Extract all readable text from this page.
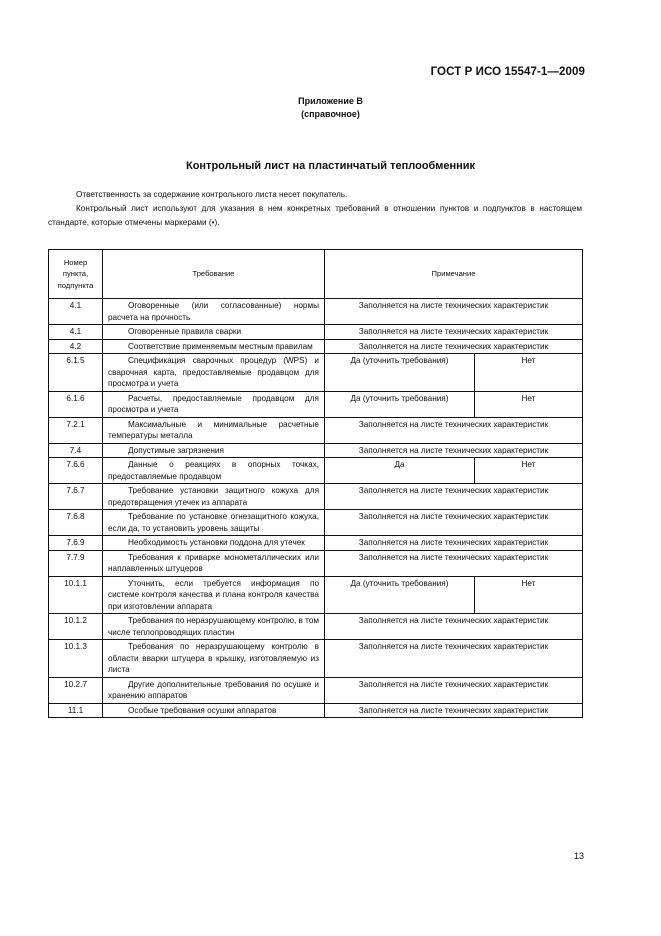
ГОСТ Р ИСО 15547-1—2009
Приложение В
(справочное)
Контрольный лист на пластинчатый теплообменник
Ответственность за содержание контрольного листа несет покупатель.
Контрольный лист используют для указания в нем конкретных требований в отношении пунктов и подпунктов в настоящем стандарте, которые отмечены маркерами (•).
Номер пункта, подпункта	Требование	Примечание	
4.1	Оговоренные (или согласованные) нормы расчета на прочность	Заполняется на листе технических характеристик	
4.1	Оговоренные правила сварки	Заполняется на листе технических характеристик	
4.2	Соответствие применяемым местным правилам	Заполняется на листе технических характеристик	
6.1.5	Спецификация сварочных процедур (WPS) и сварочная карта, предоставляемые продавцом для просмотра и учета	Да (уточнить требования)	Нет
6.1.6	Расчеты, предоставляемые продавцом для просмотра и учета	Да (уточнить требования)	Нет
7.2.1	Максимальные и минимальные расчетные температуры металла	Заполняется на листе технических характеристик	
7.4	Допустимые загрязнения	Заполняется на листе технических характеристик	
7.6.6	Данные о реакциях в опорных точках, предоставляемые продавцом	Да	Нет
7.6.7	Требование установки защитного кожуха для предотвращения утечек из аппарата	Заполняется на листе технических характеристик	
7.6.8	Требование по установке огнезащитного кожуха, если да, то установить уровень защиты	Заполняется на листе технических характеристик	
7.6.9	Необходимость установки поддона для утечек	Заполняется на листе технических характеристик	
7.7.9	Требования к приварке монометаллических или наплавленных штуцеров	Заполняется на листе технических характеристик	
10.1.1	Уточнить, если требуется информация по системе контроля качества и плана контроля качества при изготовлении аппарата	Да (уточнить требования)	Нет
10.1.2	Требования по неразрушающему контролю, в том числе теплопроводящих пластин	Заполняется на листе технических характеристик	
10.1.3	Требования по неразрушающему контролю в области вварки штуцера в крышку, изготовляемую из листа	Заполняется на листе технических характеристик	
10.2.7	Другие дополнительные требования по осушке и хранению аппаратов	Заполняется на листе технических характеристик	
11.1	Особые требования осушки аппаратов	Заполняется на листе технических характеристик	
13
